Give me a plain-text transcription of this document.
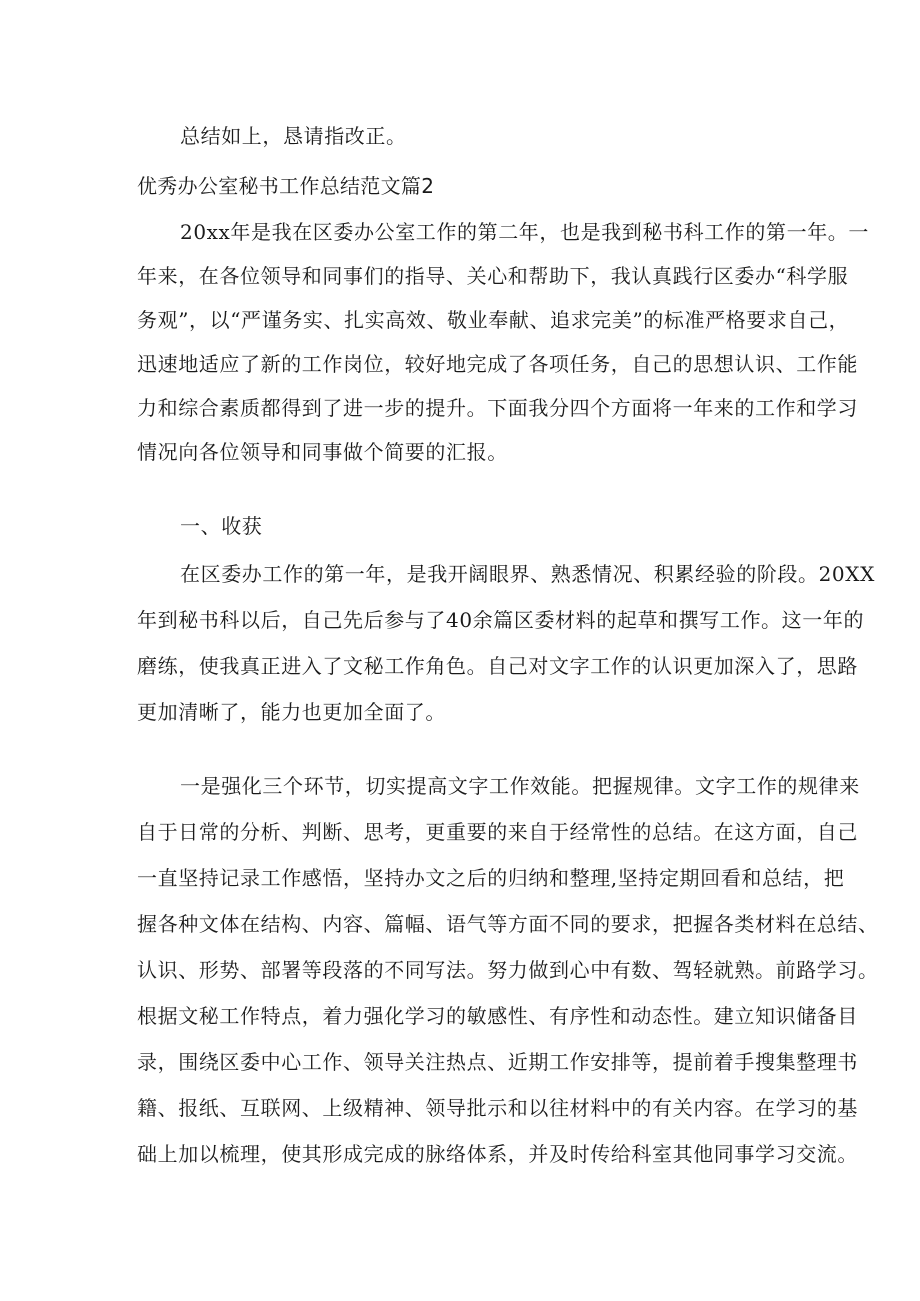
总结如上，恳请指改正。
优秀办公室秘书工作总结范文篇2
20xx年是我在区委办公室工作的第二年，也是我到秘书科工作的第一年。一
年来，在各位领导和同事们的指导、关心和帮助下，我认真践行区委办“科学服
务观”，以“严谨务实、扎实高效、敬业奉献、追求完美”的标准严格要求自己，
迅速地适应了新的工作岗位，较好地完成了各项任务，自己的思想认识、工作能
力和综合素质都得到了进一步的提升。下面我分四个方面将一年来的工作和学习
情况向各位领导和同事做个简要的汇报。
一、收获
在区委办工作的第一年，是我开阔眼界、熟悉情况、积累经验的阶段。20XX
年到秘书科以后，自己先后参与了40余篇区委材料的起草和撰写工作。这一年的
磨练，使我真正进入了文秘工作角色。自己对文字工作的认识更加深入了，思路
更加清晰了，能力也更加全面了。
一是强化三个环节，切实提高文字工作效能。把握规律。文字工作的规律来
自于日常的分析、判断、思考，更重要的来自于经常性的总结。在这方面，自己
一直坚持记录工作感悟，坚持办文之后的归纳和整理,坚持定期回看和总结，把
握各种文体在结构、内容、篇幅、语气等方面不同的要求，把握各类材料在总结、
认识、形势、部署等段落的不同写法。努力做到心中有数、驾轻就熟。前路学习。
根据文秘工作特点，着力强化学习的敏感性、有序性和动态性。建立知识储备目
录，围绕区委中心工作、领导关注热点、近期工作安排等，提前着手搜集整理书
籍、报纸、互联网、上级精神、领导批示和以往材料中的有关内容。在学习的基
础上加以梳理，使其形成完成的脉络体系，并及时传给科室其他同事学习交流。
